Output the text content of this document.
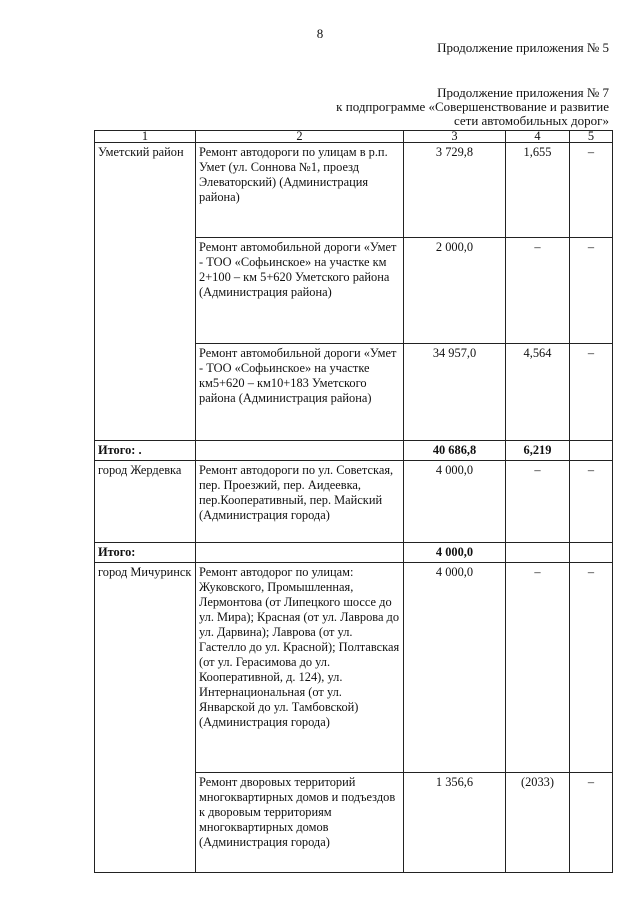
8
Продолжение приложения № 5
Продолжение приложения № 7
к подпрограмме «Совершенствование и развитие
сети автомобильных дорог»
1	2	3	4	5
Уметский район	Ремонт автодороги по улицам в р.п. Умет (ул. Сонновa №1, проезд Элеваторский) (Администрация района)	3 729,8	1,655	–
	Ремонт автомобильной дороги «Умет - ТОО «Софьинское» на участке км 2+100 – км 5+620 Уметского района (Администрация района)	2 000,0	–	–
	Ремонт автомобильной дороги «Умет - ТОО «Софьинское» на участке км5+620 – км10+183 Уметского района (Администрация района)	34 957,0	4,564	–
Итого: .		40 686,8	6,219	
город Жердевка	Ремонт автодороги по ул. Советская, пер. Проезжий, пер. Аидеевка, пер.Кооперативный, пер. Майский (Администрация города)	4 000,0	–	–
Итого:		4 000,0		
город Мичуринск	Ремонт автодорог по улицам: Жуковского, Промышленная, Лермонтова (от Липецкого шоссе до ул. Мира); Красная (от ул. Лаврова до ул. Дарвина); Лаврова (от ул. Гастелло до ул. Красной); Полтавская (от ул. Герасимова до ул. Кооперативной, д. 124), ул. Интернациональная (от ул. Январской до ул. Тамбовской) (Администрация города)	4 000,0	–	–
	Ремонт дворовых территорий многоквартирных домов и подъездов к дворовым территориям многоквартирных домов (Администрация города)	1 356,6	(2033)	–
